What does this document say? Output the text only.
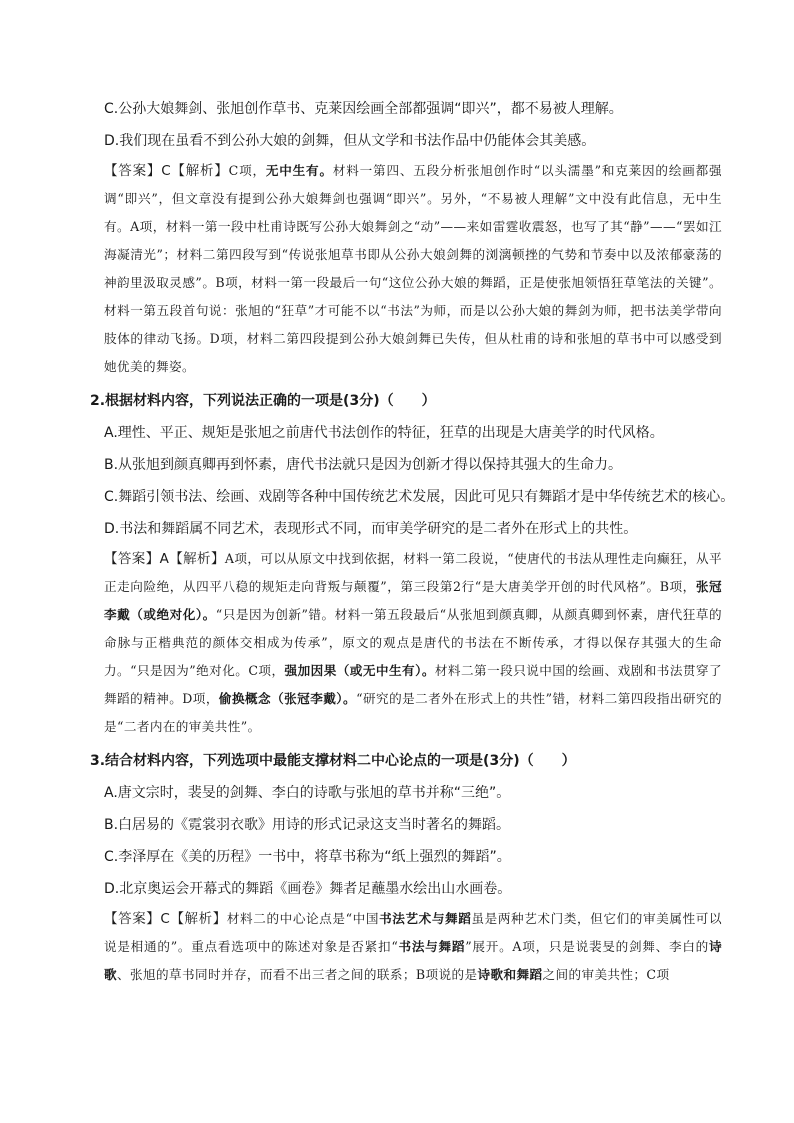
C.公孙大娘舞剑、张旭创作草书、克莱因绘画全部都强调“即兴”，都不易被人理解。
D.我们现在虽看不到公孙大娘的剑舞，但从文学和书法作品中仍能体会其美感。
【答案】C【解析】C项，无中生有。材料一第四、五段分析张旭创作时“以头濡墨”和克莱因的绘画都强调“即兴”，但文章没有提到公孙大娘舞剑也强调“即兴”。另外，“不易被人理解”文中没有此信息，无中生有。A项，材料一第一段中杜甫诗既写公孙大娘舞剑之“动”——来如雷霆收震怒，也写了其“静”——“罢如江海凝清光”；材料二第四段写到“传说张旭草书即从公孙大娘剑舞的浏漓顿挫的气势和节奏中以及浓郁豪荡的神韵里汲取灵感”。B项，材料一第一段最后一句“这位公孙大娘的舞蹈，正是使张旭领悟狂草笔法的关键”。材料一第五段首句说：张旭的“狂草”才可能不以“书法”为师，而是以公孙大娘的舞剑为师，把书法美学带向肢体的律动飞扬。D项，材料二第四段提到公孙大娘剑舞已失传，但从杜甫的诗和张旭的草书中可以感受到她优美的舞姿。
2.根据材料内容，下列说法正确的一项是(3分)（　　）
A.理性、平正、规矩是张旭之前唐代书法创作的特征，狂草的出现是大唐美学的时代风格。
B.从张旭到颜真卿再到怀素，唐代书法就只是因为创新才得以保持其强大的生命力。
C.舞蹈引领书法、绘画、戏剧等各种中国传统艺术发展，因此可见只有舞蹈才是中华传统艺术的核心。
D.书法和舞蹈属不同艺术，表现形式不同，而审美学研究的是二者外在形式上的共性。
【答案】A【解析】A项，可以从原文中找到依据，材料一第二段说，“使唐代的书法从理性走向癫狂，从平正走向险绝，从四平八稳的规矩走向背叛与颠覆”，第三段第2行“是大唐美学开创的时代风格”。B项，张冠李戴（或绝对化）。“只是因为创新”错。材料一第五段最后“从张旭到颜真卿，从颜真卿到怀素，唐代狂草的命脉与正楷典范的颜体交相成为传承”，原文的观点是唐代的书法在不断传承，才得以保存其强大的生命力。“只是因为”绝对化。C项，强加因果（或无中生有）。材料二第一段只说中国的绘画、戏剧和书法贯穿了舞蹈的精神。D项，偷换概念（张冠李戴）。“研究的是二者外在形式上的共性”错，材料二第四段指出研究的是“二者内在的审美共性”。
3.结合材料内容，下列选项中最能支撑材料二中心论点的一项是(3分)（　　）
A.唐文宗时，裴旻的剑舞、李白的诗歌与张旭的草书并称“三绝”。
B.白居易的《霓裳羽衣歌》用诗的形式记录这支当时著名的舞蹈。
C.李泽厚在《美的历程》一书中，将草书称为“纸上强烈的舞蹈”。
D.北京奥运会开幕式的舞蹈《画卷》舞者足蘸墨水绘出山水画卷。
【答案】C【解析】材料二的中心论点是“中国书法艺术与舞蹈虽是两种艺术门类，但它们的审美属性可以说是相通的”。重点看选项中的陈述对象是否紧扣“书法与舞蹈”展开。A项，只是说裴旻的剑舞、李白的诗歌、张旭的草书同时并存，而看不出三者之间的联系；B项说的是诗歌和舞蹈之间的审美共性；C项
